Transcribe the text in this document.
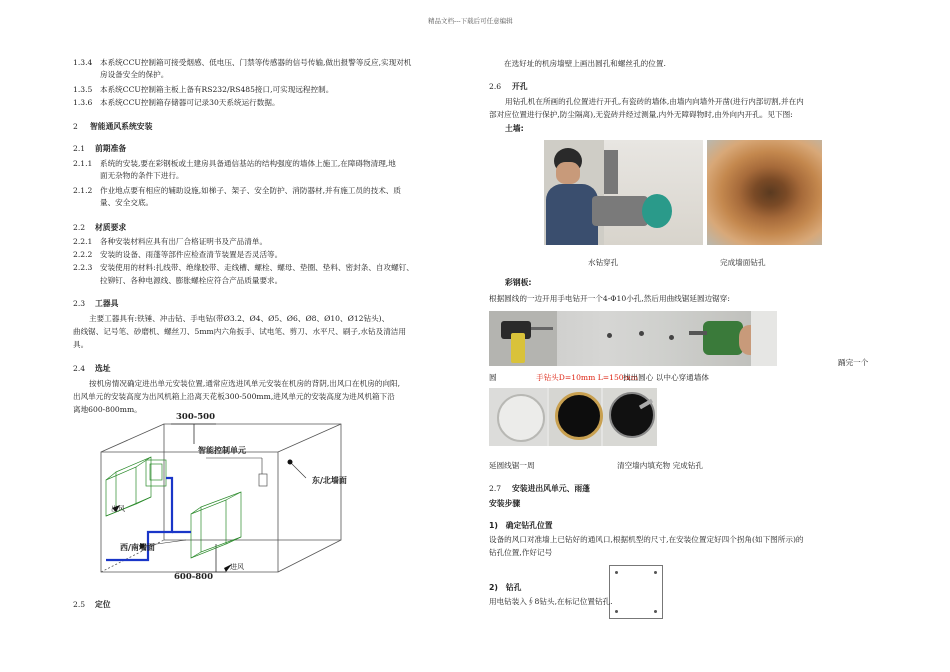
精品文档---下载后可任意编辑
1.3.4 本系统CCU控制箱可接受烟感、低电压、门禁等传感器的信号传输,做出报警等反应,实现对机
房设备安全的保护。
1.3.5 本系统CCU控制箱主板上备有RS232/RS485接口,可实现远程控制。
1.3.6 本系统CCU控制箱存储器可记录30天系统运行数据。
2 智能通风系统安装
2.1 前期准备
2.1.1 系统的安装,要在彩钢板或土建房具备通信基站的结构强度的墙体上施工,在障碍物清理,地
面无杂物的条件下进行。
2.1.2 作业地点要有相应的辅助设施,如梯子、架子、安全防护、消防器材,并有施工员的技术、质
量、安全交底。
2.2 材质要求
2.2.1 各种安装材料应具有出厂合格证明书及产品清单。
2.2.2 安装的设备、雨蓬等部件应检查清节装置是否灵活等。
2.2.3 安装使用的材料:扎线带、绝缘胶带、走线槽、螺栓、螺母、垫圈、垫料、密封条、自攻螺钉、
拉铆钉、各种电源线、膨胀螺栓应符合产品质量要求。
2.3 工器具
主要工器具有:铁锤、冲击钻、手电钻(带Ø3.2、Ø4、Ø5、Ø6、Ø8、Ø10、Ø12钻头)、
曲线锯、记号笔、砂磨机、螺丝刀、5mm内六角扳手、试电笔、剪刀、水平尺、刷子,水钻及清洁用
具。
2.4 选址
按机房情况确定进出单元安装位置,通常应选进风单元安装在机房的背阴,出风口在机房的向阳,
出风单元的安装高度为出风机箱上沿离天花板300-500mm,进风单元的安装高度为进风机箱下沿
离地600-800mm。
300-500
600-800
智能控制单元
东/北墙面
西/南墙面
出风
进风
2.5 定位
在选好址的机房墙壁上画出圆孔和螺丝孔的位置.
2.6 开孔
用钻孔机在所画的孔位置进行开孔,有瓷砖的墙体,由墙内向墙外开凿(进行内部切割,并在内
部对应位置进行保护,防尘隔离),无瓷砖并经过测量,内外无障碍物时,由外向内开孔。见下图:
土墙:
水钻穿孔	完成墙面钻孔
彩钢板:
根据圆线的一边开用手电钻开一个4-Φ10小孔,然后用曲线锯延圆边锯穿:
踊完一个
圆	手钻头D=10mm L=150mm
找出圆心 以中心穿通墙体
延圆线锯一周	清空墙内填充物 完成钻孔
2.7 安装进出风单元、雨蓬
安装步骤
1)　确定钻孔位置
设备的风口对准墙上已钻好的通风口,根据机型的尺寸,在安装位置定好四个拐角(如下图所示)的
钻孔位置,作好记号
2)　钻孔
用电钻装入∮8钻头,在标记位置钻孔.
